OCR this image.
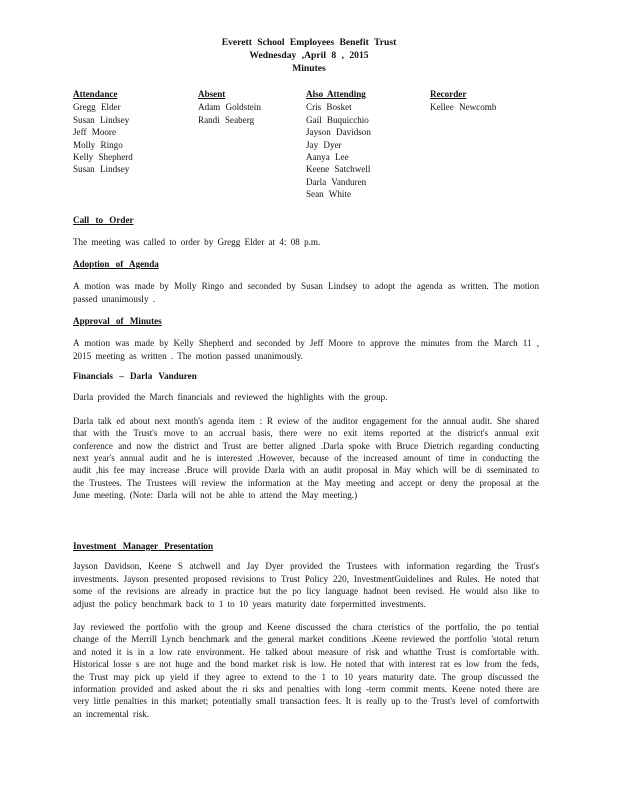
Everett School Employees Benefit Trust
Wednesday ,April 8 , 2015
Minutes
Attendance
Gregg Elder
Susan Lindsey
Jeff Moore
Molly Ringo
Kelly Shepherd
Susan Lindsey
Absent
Adam Goldstein
Randi Seaberg
Also Attending
Cris Bosket
Gail Buquicchio
Jayson Davidson
Jay Dyer
Aanya Lee
Keene Satchwell
Darla Vanduren
Sean White
Recorder
Kellee Newcomb
Call to Order

The meeting was called to order by Gregg Elder at 4: 08 p.m.

Adoption of Agenda

A motion was made by Molly Ringo and seconded by Susan Lindsey to adopt the agenda as written. The motion passed unanimously .

Approval of Minutes

A motion was made by Kelly Shepherd and seconded by Jeff Moore to approve the minutes from the March 11 , 2015 meeting as written . The motion passed unanimously.

Financials – Darla Vanduren

Darla provided the March financials and reviewed the highlights with the group.

Darla talk ed about next month's agenda item : R eview of the auditor engagement for the annual audit. She shared that with the Trust's move to an accrual basis, there were no exit items reported at the district's annual exit conference and now the district and Trust are better aligned .Darla spoke with Bruce Dietrich regarding conducting next year's annual audit and he is interested .However, because of the increased amount of time in conducting the audit ,his fee may increase .Bruce will provide Darla with an audit proposal in May which will be di sseminated to the Trustees. The Trustees will review the information at the May meeting and accept or deny the proposal at the June meeting. (Note: Darla will not be able to attend the May meeting.)

Investment Manager Presentation

Jayson Davidson, Keene S atchwell and Jay Dyer provided the Trustees with information regarding the Trust's investments. Jayson presented proposed revisions to Trust Policy 220, InvestmentGuidelines and Rules. He noted that some of the revisions are already in practice but the po licy language hadnot been revised. He would also like to adjust the policy benchmark back to 1 to 10 years maturity date forpermitted investments.

Jay reviewed the portfolio with the group and Keene discussed the chara cteristics of the portfolio, the po tential change of the Merrill Lynch benchmark and the general market conditions .Keene reviewed the portfolio 'stotal return and noted it is in a low rate environment. He talked about measure of risk and whatthe Trust is comfortable with. Historical losse s are not huge and the bond market risk is low. He noted that with interest rat es low from the feds, the Trust may pick up yield if they agree to extend to the 1 to 10 years maturity date. The group discussed the information provided and asked about the ri sks and penalties with long -term commit ments. Keene noted there are very little penalties in this market; potentially small transaction fees. It is really up to the Trust's level of comfortwith an incremental risk.
